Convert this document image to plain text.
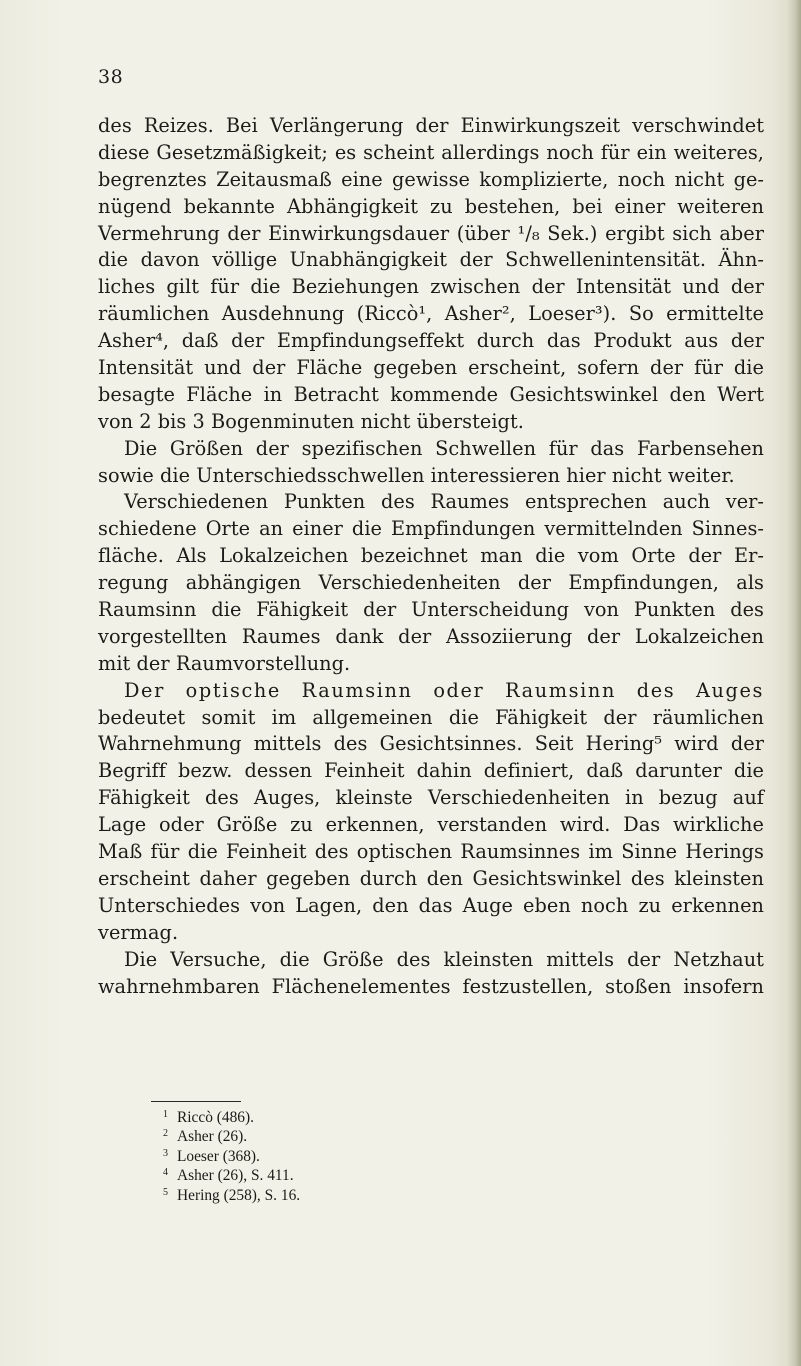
38
des Reizes. Bei Verlängerung der Einwirkungszeit verschwindet
diese Gesetzmäßigkeit; es scheint allerdings noch für ein weiteres,
begrenztes Zeitausmaß eine gewisse komplizierte, noch nicht ge-
nügend bekannte Abhängigkeit zu bestehen, bei einer weiteren
Vermehrung der Einwirkungsdauer (über ¹/₈ Sek.) ergibt sich aber
die davon völlige Unabhängigkeit der Schwellenintensität. Ähn-
liches gilt für die Beziehungen zwischen der Intensität und der
räumlichen Ausdehnung (Riccò¹, Asher², Loeser³). So ermittelte
Asher⁴, daß der Empfindungseffekt durch das Produkt aus der
Intensität und der Fläche gegeben erscheint, sofern der für die
besagte Fläche in Betracht kommende Gesichtswinkel den Wert
von 2 bis 3 Bogenminuten nicht übersteigt.
Die Größen der spezifischen Schwellen für das Farbensehen
sowie die Unterschiedsschwellen interessieren hier nicht weiter.
Verschiedenen Punkten des Raumes entsprechen auch ver-
schiedene Orte an einer die Empfindungen vermittelnden Sinnes-
fläche. Als Lokalzeichen bezeichnet man die vom Orte der Er-
regung abhängigen Verschiedenheiten der Empfindungen, als
Raumsinn die Fähigkeit der Unterscheidung von Punkten des
vorgestellten Raumes dank der Assoziierung der Lokalzeichen
mit der Raumvorstellung.
Der optische Raumsinn oder Raumsinn des Auges
bedeutet somit im allgemeinen die Fähigkeit der räumlichen
Wahrnehmung mittels des Gesichtsinnes. Seit Hering⁵ wird der
Begriff bezw. dessen Feinheit dahin definiert, daß darunter die
Fähigkeit des Auges, kleinste Verschiedenheiten in bezug auf
Lage oder Größe zu erkennen, verstanden wird. Das wirkliche
Maß für die Feinheit des optischen Raumsinnes im Sinne Herings
erscheint daher gegeben durch den Gesichtswinkel des kleinsten
Unterschiedes von Lagen, den das Auge eben noch zu erkennen
vermag.
Die Versuche, die Größe des kleinsten mittels der Netzhaut
wahrnehmbaren Flächenelementes festzustellen, stoßen insofern
1 Riccò (486).
2 Asher (26).
3 Loeser (368).
4 Asher (26), S. 411.
5 Hering (258), S. 16.
